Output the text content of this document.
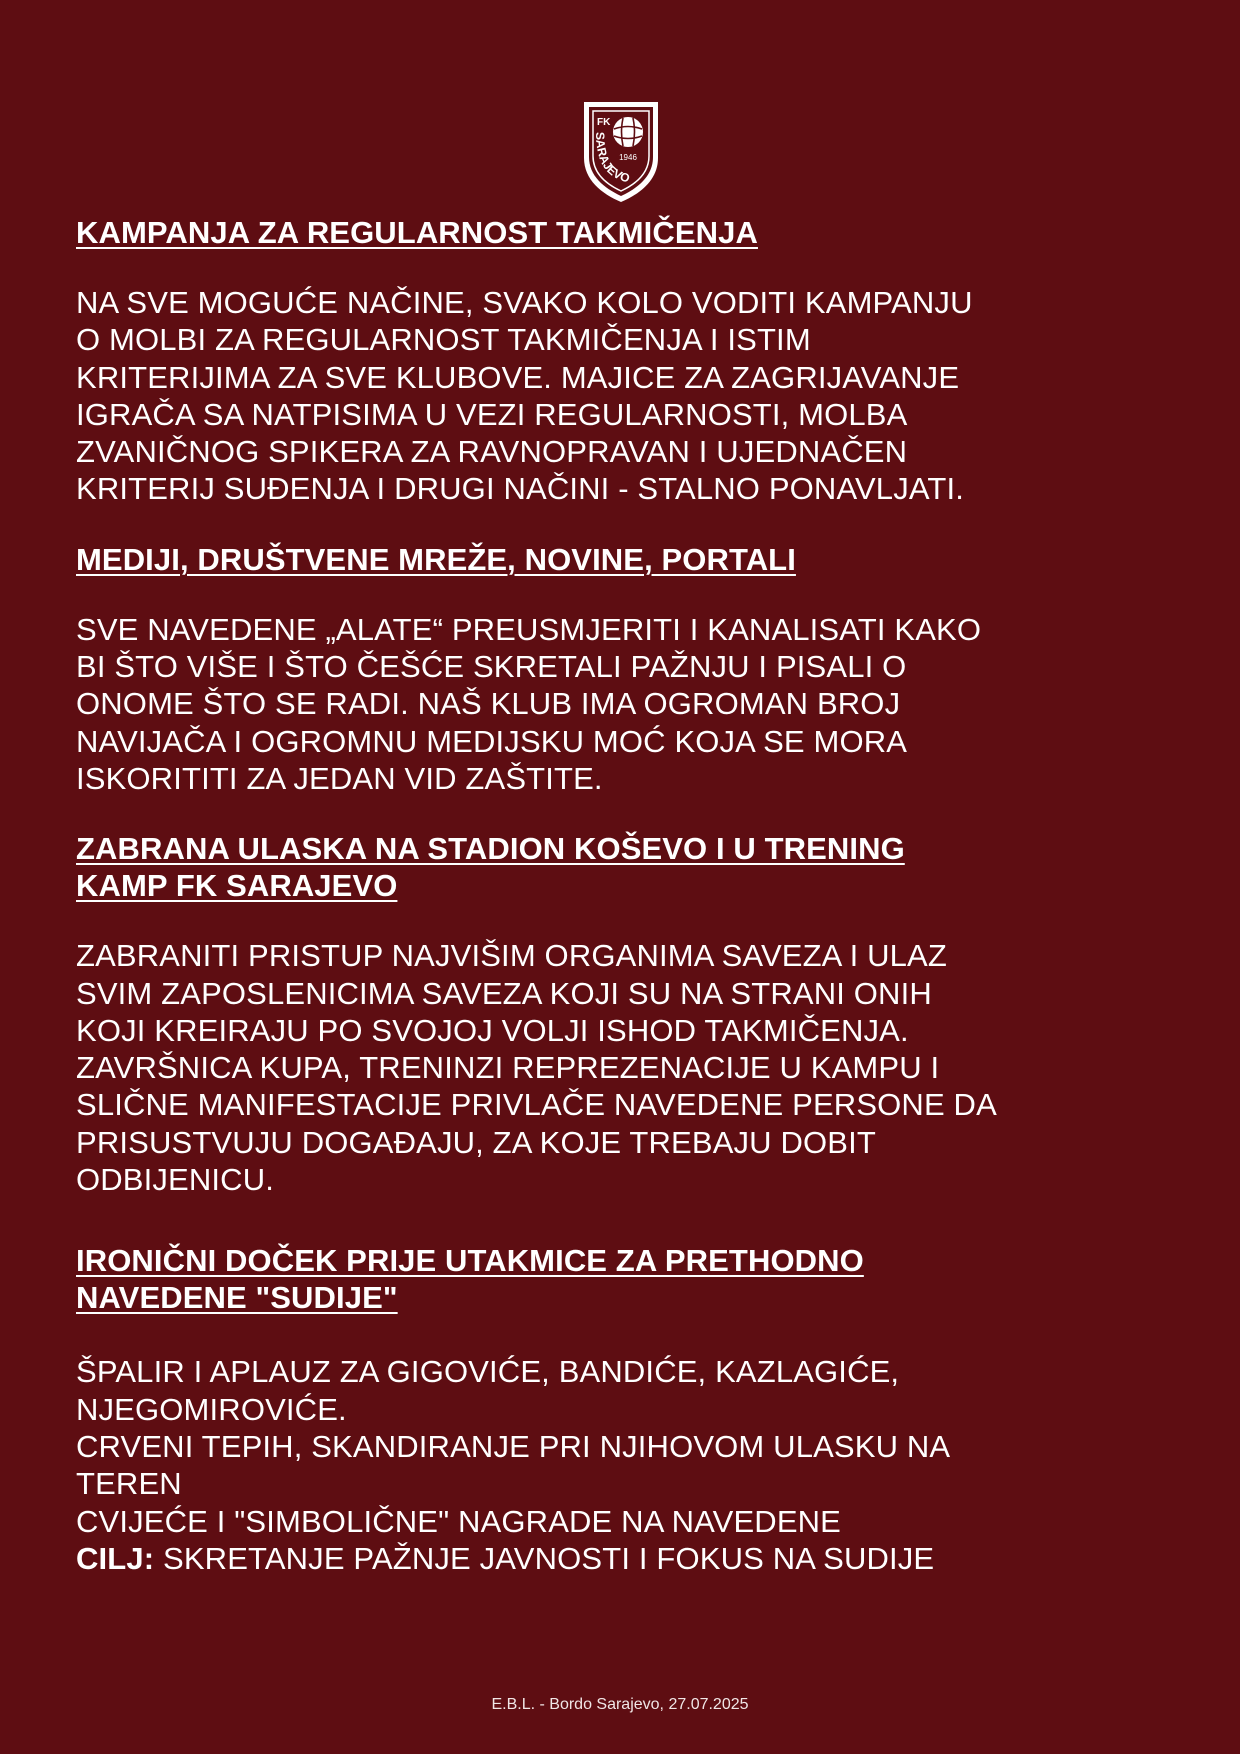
FK
1946
SARAJEVO
KAMPANJA ZA REGULARNOST TAKMIČENJA

NA SVE MOGUĆE NAČINE, SVAKO KOLO VODITI KAMPANJU
O MOLBI ZA REGULARNOST TAKMIČENJA I ISTIM
KRITERIJIMA ZA SVE KLUBOVE. MAJICE ZA ZAGRIJAVANJE
IGRAČA SA NATPISIMA U VEZI REGULARNOSTI, MOLBA
ZVANIČNOG SPIKERA ZA RAVNOPRAVAN I UJEDNAČEN
KRITERIJ SUĐENJA I DRUGI NAČINI - STALNO PONAVLJATI.

MEDIJI, DRUŠTVENE MREŽE, NOVINE, PORTALI

SVE NAVEDENE „ALATE“ PREUSMJERITI I KANALISATI KAKO
BI ŠTO VIŠE I ŠTO ČEŠĆE SKRETALI PAŽNJU I PISALI O
ONOME ŠTO SE RADI. NAŠ KLUB IMA OGROMAN BROJ
NAVIJAČA I OGROMNU MEDIJSKU MOĆ KOJA SE MORA
ISKORITITI ZA JEDAN VID ZAŠTITE.

ZABRANA ULASKA NA STADION KOŠEVO I U TRENING
KAMP FK SARAJEVO

ZABRANITI PRISTUP NAJVIŠIM ORGANIMA SAVEZA I ULAZ
SVIM ZAPOSLENICIMA SAVEZA KOJI SU NA STRANI ONIH
KOJI KREIRAJU PO SVOJOJ VOLJI ISHOD TAKMIČENJA.
ZAVRŠNICA KUPA, TRENINZI REPREZENACIJE U KAMPU I
SLIČNE MANIFESTACIJE PRIVLAČE NAVEDENE PERSONE DA
PRISUSTVUJU DOGAĐAJU, ZA KOJE TREBAJU DOBIT
ODBIJENICU.

IRONIČNI DOČEK PRIJE UTAKMICE ZA PRETHODNO
NAVEDENE "SUDIJE"

ŠPALIR I APLAUZ ZA GIGOVIĆE, BANDIĆE, KAZLAGIĆE,
NJEGOMIROVIĆE.
CRVENI TEPIH, SKANDIRANJE PRI NJIHOVOM ULASKU NA
TEREN
CVIJEĆE I "SIMBOLIČNE" NAGRADE NA NAVEDENE
CILJ: SKRETANJE PAŽNJE JAVNOSTI I FOKUS NA SUDIJE

E.B.L. - Bordo Sarajevo, 27.07.2025
